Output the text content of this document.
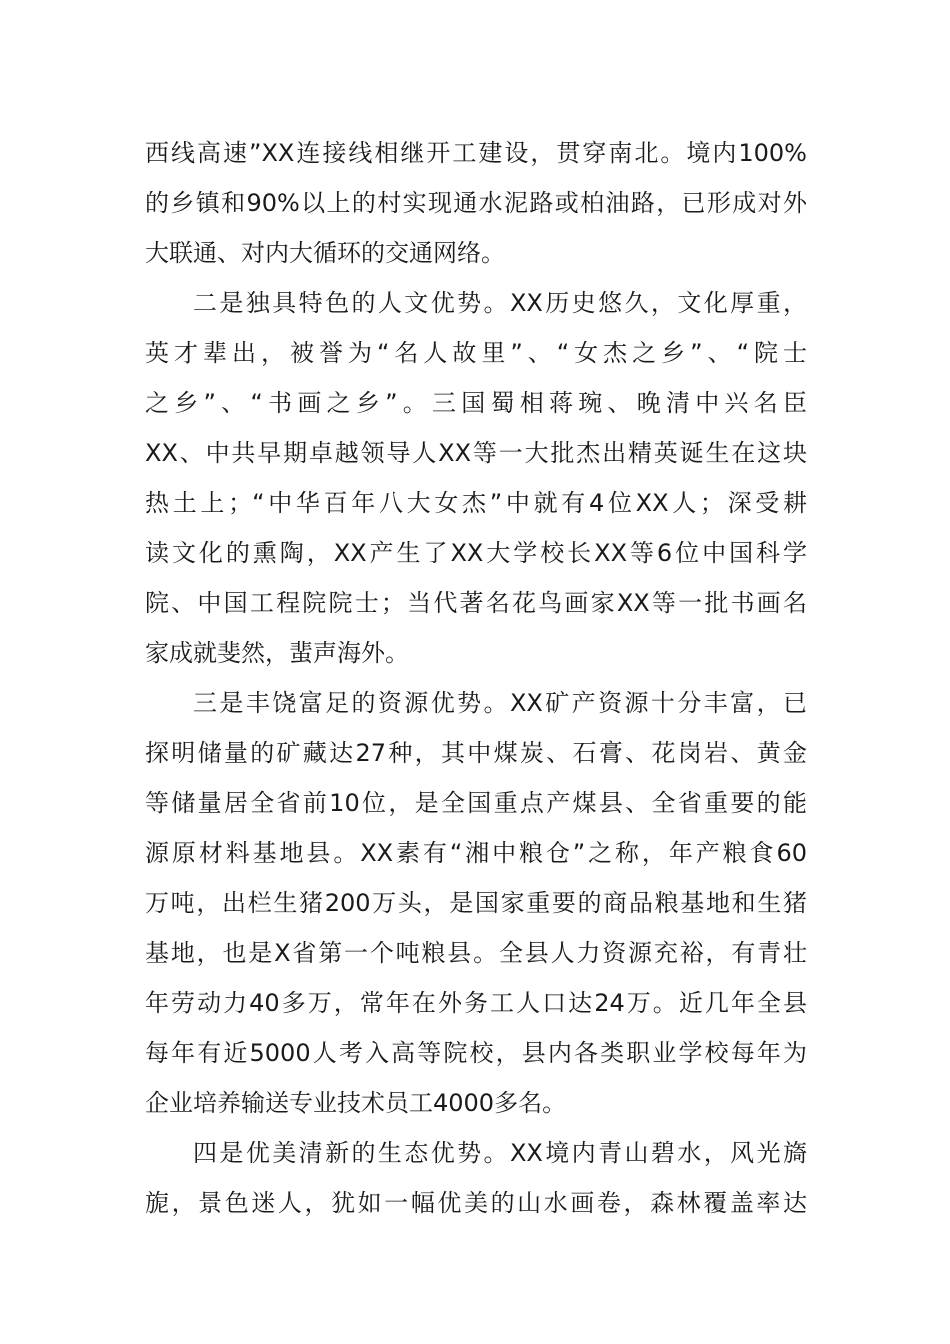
西线高速”XX连接线相继开工建设，贯穿南北。境内100%
的乡镇和90%以上的村实现通水泥路或柏油路，已形成对外
大联通、对内大循环的交通网络。
二是独具特色的人文优势。XX历史悠久，文化厚重，
英才辈出，被誉为“名人故里”、“女杰之乡”、“院士
之乡”、“书画之乡”。三国蜀相蒋琬、晚清中兴名臣
XX、中共早期卓越领导人XX等一大批杰出精英诞生在这块
热土上；“中华百年八大女杰”中就有4位XX人；深受耕
读文化的熏陶，XX产生了XX大学校长XX等6位中国科学
院、中国工程院院士；当代著名花鸟画家XX等一批书画名
家成就斐然，蜚声海外。
三是丰饶富足的资源优势。XX矿产资源十分丰富，已
探明储量的矿藏达27种，其中煤炭、石膏、花岗岩、黄金
等储量居全省前10位，是全国重点产煤县、全省重要的能
源原材料基地县。XX素有“湘中粮仓”之称，年产粮食60
万吨，出栏生猪200万头，是国家重要的商品粮基地和生猪
基地，也是X省第一个吨粮县。全县人力资源充裕，有青壮
年劳动力40多万，常年在外务工人口达24万。近几年全县
每年有近5000人考入高等院校，县内各类职业学校每年为
企业培养输送专业技术员工4000多名。
四是优美清新的生态优势。XX境内青山碧水，风光旖
旎，景色迷人，犹如一幅优美的山水画卷，森林覆盖率达
